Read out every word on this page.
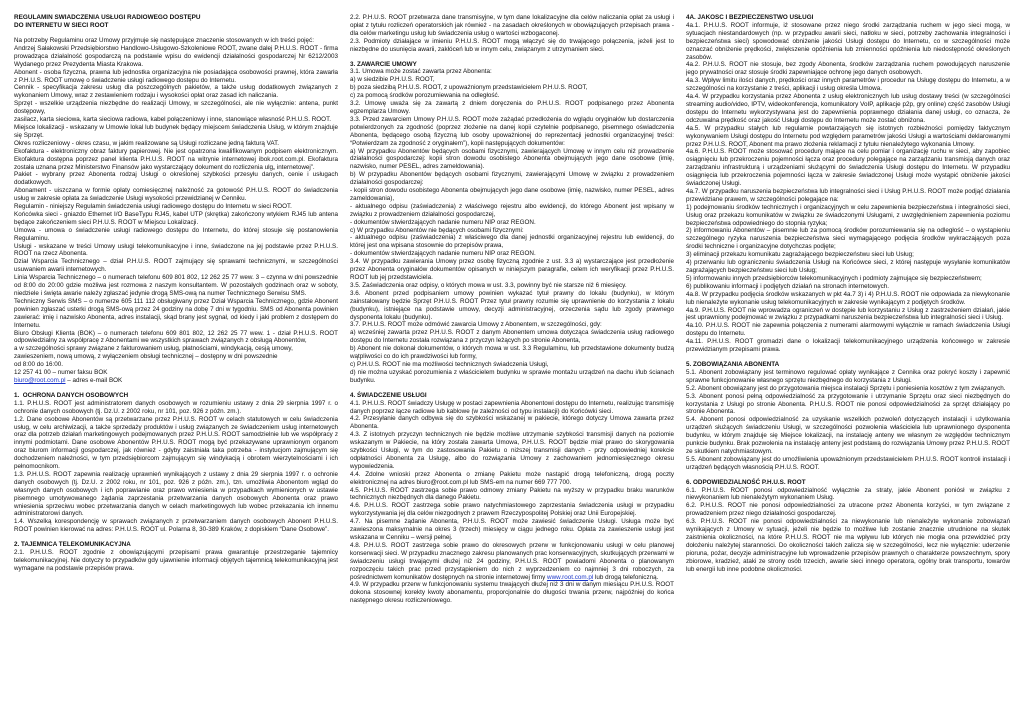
REGULAMIN ŚWIADCZENIA USŁUGI RADIOWEGO DOSTĘPU

DO INTERNETU W SIECI ROOT

Na potrzeby Regulaminu oraz Umowy przyjmuje się następujące znaczenie stosowanych w ich treści pojęć:

Andrzej Sałakowski Przedsiębiorstwo Handlowo-Usługowo-Szkoleniowe ROOT, zwane dalej P.H.U.S. ROOT - firma prowadząca działalność gospodarczą na podstawie wpisu do ewidencji działalności gospodarczej Nr 6212/2003 Wydanego przez Prezydenta Miasta Krakowa.

Abonent - osoba fizyczna, prawna lub jednostka organizacyjna nie posiadająca osobowości prawnej, która zawarła z P.H.U.S. ROOT umowę o świadczenie usługi radiowego dostępu do Internetu.

Cennik - specyfikacja zakresu usług dla poszczególnych pakietów, a także usług dodatkowych związanych z wykonaniem Umowy, wraz z zestawieniem rodzaju i wysokości opłat oraz zasad ich naliczania.

Sprzęt - wszelkie urządzenia niezbędne do realizacji Umowy, w szczególności, ale nie wyłącznie: antena, punkt dostępowy,

zasilacz, karta sieciowa, karta sieciowa radiowa, kabel połączeniowy i inne, stanowiące własność P.H.U.S. ROOT.

Miejsce lokalizacji - wskazany w Umowie lokal lub budynek będący miejscem świadczenia Usług, w którym znajduje się Sprzęt.

Okres rozliczeniowy - okres czasu, w jakim realizowane są Usługi rozliczane jedną fakturą VAT.

Ekofaktura - elektroniczny obraz faktury papierowej. Nie jest opatrzona kwalifikowanym podpisem elektronicznym. Ekofaktura dostępna poprzez panel klienta P.H.U.S. ROOT na witrynie internetowej ibok.root.com.pl. Ekofaktura została uznana przez Ministerstwo Finansów jako wystarczający dokument do rozliczenia ulg„ internetowej”.

Pakiet - wybrany przez Abonenta rodzaj Usługi o określonej szybkości przesyłu danych, cenie i usługach dodatkowych.

Abonament - uiszczana w formie opłaty comiesięcznej należność za gotowość P.H.U.S. ROOT do świadczenia usług w zakresie opłata za świadczenie Usługi wysokości przewidzianej w Cenniku.

Regulamin - niniejszy Regulamin świadczenia usługi radiowego dostępu do Internetu w sieci ROOT.

Końcówka sieci - gniazdo Ethernet I/O BaseTypu RJ45, kabel UTP (skrętka) zakończony wtykiem RJ45 lub antena będące zakończeniem sieci P.H.U.S. ROOT w Miejscu Lokalizacji.

Umowa - umowa o świadczenie usługi radiowego dostępu do Internetu, do której stosuje się postanowienia Regulaminu.

Usługi - wskazane w treści Umowy usługi telekomunikacyjne i inne, świadczone na jej podstawie przez P.H.U.S. ROOT na rzecz Abonenta.

Dział Wsparcia Technicznego – dział P.H.U.S. ROOT zajmujący się sprawami technicznymi, w szczególności usuwaniem awarii internetowych.

Linia Wsparcia Technicznego – o numerach telefonu 609 801 802, 12 262 25 77 wew. 3 – czynna w dni powszednie od 8:00 do 20:00 gdzie możliwa jest rozmowa z naszym konsultantem. W pozostałych godzinach oraz w soboty, niedziele i święta awarie należy zgłaszać jedynie drogą SMS-ową na numer Technicznego Serwisu SMS.

Techniczny Serwis SMS – o numerze 605 111 112 obsługiwany przez Dział Wsparcia Technicznego, gdzie Abonent powinien zgłaszać usterki drogą SMS-ową przez 24 godziny na dobę 7 dni w tygodniu. SMS od Abonenta powinien zawierać: imię i nazwisko Abonenta, adres instalacji, skąd brany jest sygnał, od kiedy i jaki problem z dostępem do Internetu.

Biuro Obsługi Klienta (BOK) – o numerach telefonu 609 801 802, 12 262 25 77 wew. 1 - dział P.H.U.S. ROOT odpowiedzialny za współpracę z Abonentami we wszystkich sprawach związanych z obsługą Abonentów,

a w szczególności sprawy związane z fakturowaniem usług, płatnościami, windykacją, cesją umowy,

zawieszeniem, nową umową, z wyłączeniem obsługi technicznej – dostępny w dni powszednie

od 8:00 do 16:00.

12 257 41 00 – numer faksu BOK

biuro@root.com.pl – adres e-mail BOK

1.  OCHRONA DANYCH OSOBOWYCH

1.1. P.H.U.S. ROOT jest administratorem danych osobowych w rozumieniu ustawy z dnia 29 sierpnia 1997 r. o ochronie danych osobowych (tj. Dz.U. z 2002 roku, nr 101, poz. 926 z późn. zm.).

1.2. Dane osobowe Abonentów są przetwarzane przez P.H.U.S. ROOT w celach statutowych w celu świadczenia usług, w celu archiwizacji, a także sprzedaży produktów i usług związanych ze świadczeniem usług internetowych oraz dla potrzeb działań marketingowych podejmowanych przez P.H.U.S. ROOT samodzielnie lub we współpracy z innymi podmiotami. Dane osobowe Abonentów P.H.U.S. ROOT mogą być przekazywane uprawnionym organom oraz biurom informacji gospodarczej, jak również - gdyby zaistniała taka potrzeba - instytucjom zajmującym się dochodzeniem należności, w tym przedsiębiorcom zajmującym się windykacją i obrotem wierzytelnościami i ich pełnomocnikom.

1.3. P.H.U.S. ROOT zapewnia realizację uprawnień wynikających z ustawy z dnia 29 sierpnia 1997 r. o ochronie danych osobowych (tj. Dz.U. z 2002 roku, nr 101, poz. 926 z późn. zm.), tzn. umożliwia Abonentom wgląd do własnych danych osobowych i ich poprawianie oraz prawo wniesienia w przypadkach wymienionych w ustawie pisemnego umotywowanego żądania zaprzestania przetwarzania danych osobowych Abonenta oraz prawo wniesienia sprzeciwu wobec przetwarzania danych w celach marketingowych lub wobec przekazania ich innemu administratorowi danych.

1.4. Wszelką korespondencję w sprawach związanych z przetwarzaniem danych osobowych Abonent P.H.U.S. ROOT powinien kierować na adres: P.H.U.S. ROOT ul. Polarna 8, 30-389 Kraków, z dopiskiem “Dane Osobowe”.

2. TAJEMNICA TELEKOMUNIKACYJNA

2.1. P.H.U.S. ROOT zgodnie z obowiązującymi przepisami prawa gwarantuje przestrzeganie tajemnicy telekomunikacyjnej. Nie dotyczy to przypadków gdy ujawnienie informacji objętych tajemnicą telekomunikacyjną jest wymagane na podstawie przepisów prawa.

2.2. P.H.U.S. ROOT przetwarza dane transmisyjne, w tym dane lokalizacyjne dla celów naliczania opłat za usługi i opłat z tytułu rozliczeń operatorskich jak również - na zasadach określonych w obowiązujących przepisach prawa - dla celów marketingu usług lub świadczenia usług o wartości wzbogaconej.

2.3. Podmioty działające w imieniu P.H.U.S. ROOT mogą włączyć się do trwającego połączenia, jeżeli jest to niezbędne do usunięcia awarii, zakłóceń lub w innym celu, związanym z utrzymaniem sieci.

3. ZAWARCIE UMOWY

3.1. Umowa może zostać zawarta przez Abonenta:

a) w siedzibie P.H.U.S. ROOT,

b) poza siedzibą P.H.U.S. ROOT, z upoważnionym przedstawicielem P.H.U.S. ROOT,

c) za pomocą środków porozumiewania na odległość.

3.2. Umowę uważa się za zawartą z dniem doręczenia do P.H.U.S. ROOT podpisanego przez Abonenta egzemplarza Umowy.

3.3. Przed zawarciem Umowy P.H.U.S. ROOT może zażądać przedłożenia do wglądu oryginałów lub dostarczenia potwierdzonych za zgodność (poprzez złożenie na danej kopii czytelnie podpisanego, pisemnego oświadczenia Abonenta, będącego osobą fizyczną lub osoby upoważnionej do reprezentacji jednostki organizacyjnej treści: “Potwierdzam za zgodność z oryginałem”), kopii następujących dokumentów:

a) W przypadku Abonentów będących osobami fizycznymi, zawierających Umowę w innym celu niż prowadzenie działalności gospodarczej: kopii stron dowodu osobistego Abonenta obejmujących jego dane osobowe (imię, nazwisko, numer PESEL, adres zameldowania).

b) W przypadku Abonentów będących osobami fizycznymi, zawierającymi Umowę w związku z prowadzeniem działalności gospodarczej:

- kopii stron dowodu osobistego Abonenta obejmujących jego dane osobowe (imię, nazwisko, numer PESEL, adres zameldowania),

- aktualnego odpisu (zaświadczenia) z właściwego rejestru albo ewidencji, do którego Abonent jest wpisany w związku z prowadzeniem działalności gospodarczej,

- dokumentów stwierdzających nadanie numeru NIP oraz REGON.

c) W przypadku Abonentów nie będących osobami fizycznymi:

- aktualnego odpisu (zaświadczenia) z właściwego dla danej jednostki organizacyjnej rejestru lub ewidencji, do której jest ona wpisana stosownie do przepisów prawa,

- dokumentów stwierdzających nadanie numeru NIP oraz REGON.

3.4. W przypadku zawierania Umowy przez osobę fizyczną zgodnie z ust. 3.3 a) wystarczające jest przedłożenie przez Abonenta oryginałów dokumentów opisanych w niniejszym paragrafie, celem ich weryfikacji przez P.H.U.S. ROOT lub jej przedstawiciela.

3.5. Zaświadczenia oraz odpisy, o których mowa w ust. 3.3, powinny być nie starsze niż 6 miesięcy.

3.6. Abonent przed podpisaniem umowy powinien wykazać tytuł prawny do lokalu (budynku), w którym zainstalowany będzie Sprzęt P.H.U.S. ROOT Przez tytuł prawny rozumie się uprawnienie do korzystania z lokalu (budynku), istniejące na podstawie umowy, decyzji administracyjnej, orzeczenia sądu lub zgody prawnego dysponenta lokalu (budynku).

3.7. P.H.U.S. ROOT może odmówić zawarcia Umowy z Abonentem, w szczególności, gdy:

a) wcześniej zawarta przez P.H.U.S. ROOT z danym Abonentem umowa dotycząca świadczenia usług radiowego dostępu do Internetu została rozwiązana z przyczyn leżących po stronie Abonenta,

b) Abonent nie dokonał dokumentów, o których mowa w ust. 3.3 Regulaminu, lub przedstawione dokumenty budzą wątpliwości co do ich prawdziwości lub formy,

c) P.H.U.S. ROOT nie ma możliwości technicznych świadczenia Usługi,

d) nie można uzyskać porozumienia z właścicielem budynku w sprawie montażu urządzeń na dachu i/lub ścianach budynku.

4. ŚWIADCZENIE USŁUGI

4.1. P.H.U.S. ROOT świadczy Usługę w postaci zapewnienia Abonentowi dostępu do Internetu, realizując transmisję danych poprzez łącze radiowe lub kablowe (w zależności od typu instalacji) do Końcówki sieci.

4.2. Przesyłanie danych odbywa się do szybkości wskazanej w pakiecie, którego dotyczy Umowa zawarta przez Abonenta.

4.3. Z istotnych przyczyn technicznych nie będzie możliwe utrzymanie szybkości transmisji danych na poziomie wskazanym w Pakiecie, na który została zawarta Umowa, P.H.U.S. ROOT będzie miał prawo do skorygowania szybkości Usługi, w tym do zastosowania Pakietu o niższej transmisji danych - przy odpowiedniej korekcie odpłatności Abonenta za Usługę, albo do rozwiązania Umowy z zachowaniem jednomiesięcznego okresu wypowiedzenia.

4.4. Zdolne wnioski przez Abonenta o zmianę Pakietu może nastąpić drogą telefoniczną, drogą poczty elektronicznej na adres biuro@root.com.pl lub SMS-em na numer 669 777 700.

4.5. P.H.U.S. ROOT zastrzega sobie prawo odmowy zmiany Pakietu na wyższy w przypadku braku warunków technicznych niezbędnych dla danego Pakietu.

4.6. P.H.U.S. ROOT zastrzega sobie prawo natychmiastowego zaprzestania świadczenia usługi w przypadku wykorzystywania jej dla celów niezgodnych z prawem Rzeczypospolitej Polskiej oraz Unii Europejskiej.

4.7. Na pisemne żądanie Abonenta, P.H.U.S. ROOT może zawiesić świadczenie Usługi. Usługa może być zawieszona maksymalnie na okres 3 (trzech) miesięcy w ciągu jednego roku. Opłata za zawieszenie usługi jest wskazana w Cenniku – wersji pełnej.

4.8. P.H.U.S. ROOT zastrzega sobie prawo do okresowych przerw w funkcjonowaniu usługi w celu planowej konserwacji sieci. W przypadku znacznego zakresu planowanych prac konserwacyjnych, skutkujących przerwami w świadczeniu usługi trwającymi dłużej niż 24 godziny, P.H.U.S. ROOT powiadomi Abonenta o planowanym rozpoczęciu takich prac przed przystąpieniem do nich z wyprzedzeniem co najmniej 3 dni roboczych, za pośrednictwem komunikatów dostępnych na stronie internetowej firmy www.root.com.pl lub drogą telefoniczną.

4.9. W przypadku przerw w funkcjonowaniu systemu trwających dłużej niż 3 dni w danym miesiącu P.H.U.S. ROOT dokona stosownej korekty kwoty abonamentu, proporcjonalnie do długości trwania przerw, najpóźniej do końca następnego okresu rozliczeniowego.

4A. JAKOŚĆ I BEZPIECZEŃSTWO USŁUGI

4a.1. P.H.U.S. ROOT informuje, iż stosowane przez niego środki zarządzania ruchem w jego sieci mogą, w sytuacjach niestandardowych (np. w przypadku awarii sieci, natłoku w sieci, potrzeby zachowania integralności i bezpieczeństwa sieci) spowodować obniżenie jakości Usługi dostępu do Internetu, co w szczególności może oznaczać obniżenie prędkości, zwiększenie opóźnienia lub zmienności opóźnienia lub niedostępność określonych zasobów.

4a.2. P.H.U.S. ROOT nie stosuje, bez zgody Abonenta, środków zarządzania ruchem powodujących naruszenie jego prywatności oraz stosuje środki zapewniające ochronę jego danych osobowych.

4a.3. Wpływ limitu ilości danych, prędkości oraz innych parametrów i procedur na Usługę dostępu do Internetu, a w szczególności na korzystanie z treści, aplikacji i usług określa Umowa.

4a.4. W przypadku korzystania przez Abonenta z usług elektronicznych lub usług dostawy treści (w szczególności streaming audio/video, IPTV, wideokonferencja, komunikatory VoIP, aplikacje p2p, gry online) część zasobów Usługi dostępu do Internetu wykorzystywana jest do zapewnienia poprawnego działania danej usługi, co oznacza, że odczuwalna prędkość oraz jakość Usługi dostępu do Internetu może zostać obniżona.

4a.5. W przypadku stałych lub regularnie powtarzających się istotnych rozbieżności pomiędzy faktycznym wykonywaniem Usługi dostępu do Internetu pod względem parametrów jakości Usługi a wartościami deklarowanymi przez P.H.U.S. ROOT, Abonent ma prawo złożenia reklamacji z tytułu nienależytego wykonania Umowy.

4a.6. P.H.U.S. ROOT może stosować procedury mające na celu pomiar i organizację ruchu w sieci, aby zapobiec osiągnięciu lub przekroczeniu pojemności łącza oraz procedury polegające na zarządzaniu transmisją danych oraz zarządzaniu infrastrukturą i urządzeniami służącymi do świadczenia Usługi dostępu do Internetu. W przypadku osiągnięcia lub przekroczenia pojemności łącza w zakresie świadczonej Usługi może wystąpić obniżenie jakości świadczonej Usługi.

4a.7. W przypadku naruszenia bezpieczeństwa lub integralności sieci i Usług P.H.U.S. ROOT może podjąć działania przewidziane prawem, w szczególności polegające na:

1) podejmowaniu środków technicznych i organizacyjnych w celu zapewnienia bezpieczeństwa i integralności sieci, Usług oraz przekazu komunikatów w związku ze świadczonymi Usługami, z uwzględnieniem zapewnienia poziomu bezpieczeństwa odpowiedniego do stopnia ryzyka;

2) informowaniu Abonentów – pisemnie lub za pomocą środków porozumiewania się na odległość – o wystąpieniu szczególnego ryzyka naruszenia bezpieczeństwa sieci wymagającego podjęcia środków wykraczających poza środki techniczne i organizacyjne dotychczas podjęte;

3) eliminacji przekazu komunikatu zagrażającego bezpieczeństwu sieci lub Usług;

4) przerwaniu lub ograniczeniu świadczenia Usługi na Końcówce sieci, z której następuje wysyłanie komunikatów zagrażających bezpieczeństwu sieci lub Usług;

5) informowaniu innych przedsiębiorców telekomunikacyjnych i podmioty zajmujące się bezpieczeństwem;

6) publikowaniu informacji i podjętych działań na stronach internetowych.

4a.8. W przypadku podjęcia środków wskazanych w pkt 4a.7 3) i 4) P.H.U.S. ROOT nie odpowiada za niewykonanie lub nienależyte wykonanie usług telekomunikacyjnych w zakresie wynikającym z podjętych środków.

4a.9. P.H.U.S. ROOT nie wprowadza ograniczeń w dostępie lub korzystaniu z Usług z zastrzeżeniem działań, jakie jest uprawniony podejmować w związku z przypadkami naruszenia bezpieczeństwa lub integralności sieci i Usług.

4a.10. P.H.U.S. ROOT nie zapewnia połączenia z numerami alarmowymi wyłącznie w ramach świadczenia Usługi dostępu do Internetu.

4a.11. P.H.U.S. ROOT gromadzi dane o lokalizacji telekomunikacyjnego urządzenia końcowego w zakresie przewidzianym przepisami prawa.

5. ZOBOWIĄZANIA ABONENTA

5.1. Abonent zobowiązany jest terminowo regulować opłaty wynikające z Cennika oraz pokryć koszty i zapewnić sprawne funkcjonowanie własnego sprzętu niezbędnego do korzystania z Usługi.

5.2. Abonent obowiązany jest do przygotowania miejsca instalacji Sprzętu i poniesienia kosztów z tym związanych.

5.3. Abonent ponosi pełną odpowiedzialność za przygotowanie i utrzymanie Sprzętu oraz sieci niezbędnych do korzystania z Usługi po stronie Abonenta. P.H.U.S. ROOT nie ponosi odpowiedzialności za sprzęt działający po stronie Abonenta.

5.4. Abonent ponosi odpowiedzialność za uzyskanie wszelkich pozwoleń dotyczących instalacji i użytkowania urządzeń służących świadczeniu Usługi, w szczególności pozwolenia właściciela lub uprawnionego dysponenta budynku, w którym znajduje się Miejsce lokalizacji, na instalację anteny we własnym ze względów technicznym punkcie budynku. Brak pozwolenia na instalację anteny jest podstawą do rozwiązania Umowy przez P.H.U.S. ROOT ze skutkiem natychmiastowym.

5.5. Abonent zobowiązany jest do umożliwienia upoważnionym przedstawicielem P.H.U.S. ROOT kontroli instalacji i urządzeń będących własnością P.H.U.S. ROOT.

6. ODPOWIEDZIALNOŚĆ P.H.U.S. ROOT

6.1. P.H.U.S. ROOT ponosi odpowiedzialność wyłącznie za straty, jakie Abonent poniósł w związku z niewykonaniem lub nienależytym wykonaniem Usług.

6.2. P.H.U.S. ROOT nie ponosi odpowiedzialności za utracone przez Abonenta korzyści, w tym związane z prowadzeniem przez niego działalności gospodarczej.

6.3. P.H.U.S. ROOT nie ponosi odpowiedzialności za niewykonanie lub nienależyte wykonanie zobowiązań wynikających z Umowy w sytuacji, jeżeli nie będzie to możliwe lub zostanie znacznie utrudnione na skutek zaistnienia okoliczności, na które P.H.U.S. ROOT nie ma wpływu lub których nie mogła ona przewidzieć przy dołożeniu należytej staranności. Do okoliczności takich zalicza się w szczególności, lecz nie wyłącznie: uderzenie pioruna, pożar, decyzje administracyjne lub wprowadzenie przepisów prawnych o charakterze powszechnym, spory zbiorowe, kradzież, ataki ze strony osób trzecich, awarie sieci innego operatora, ogólny brak transportu, towarów lub energii lub inne podobne okoliczności.
